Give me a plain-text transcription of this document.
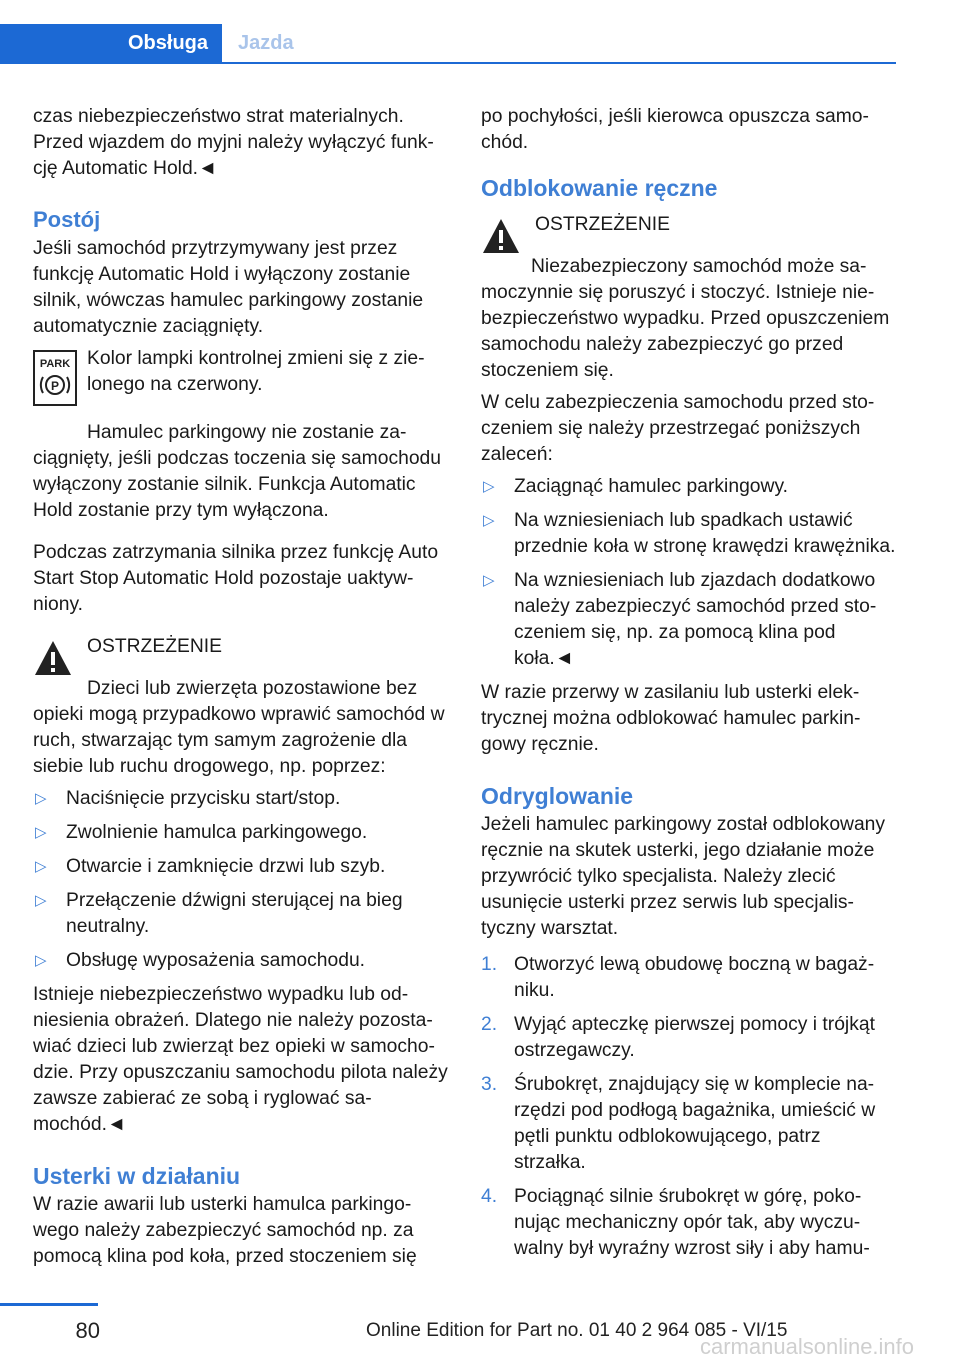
Obsługa	Jazda

czas niebezpieczeństwo strat materialnych. Przed wjazdem do myjni należy wyłączyć funkcję Automatic Hold.◄

Postój

Jeśli samochód przytrzymywany jest przez funkcję Automatic Hold i wyłączony zostanie silnik, wówczas hamulec parkingowy zostanie automatycznie zaciągnięty.

PARK
P
Kolor lampki kontrolnej zmieni się z zielonego na czerwony.

Hamulec parkingowy nie zostanie zaciągnięty, jeśli podczas toczenia się samochodu wyłączony zostanie silnik. Funkcja Automatic Hold zostanie przy tym wyłączona.

Podczas zatrzymania silnika przez funkcję Auto Start Stop Automatic Hold pozostaje uaktywniony.

OSTRZEŻENIE

Dzieci lub zwierzęta pozostawione bez opieki mogą przypadkowo wprawić samochód w ruch, stwarzając tym samym zagrożenie dla siebie lub ruchu drogowego, np. poprzez:

▷ Naciśnięcie przycisku start/stop.
▷ Zwolnienie hamulca parkingowego.
▷ Otwarcie i zamknięcie drzwi lub szyb.
▷ Przełączenie dźwigni sterującej na bieg neutralny.
▷ Obsługę wyposażenia samochodu.

Istnieje niebezpieczeństwo wypadku lub odniesienia obrażeń. Dlatego nie należy pozostawiać dzieci lub zwierząt bez opieki w samochodzie. Przy opuszczaniu samochodu pilota należy zawsze zabierać ze sobą i ryglować samochód.◄

Usterki w działaniu

W razie awarii lub usterki hamulca parkingowego należy zabezpieczyć samochód np. za pomocą klina pod koła, przed stoczeniem się

po pochyłości, jeśli kierowca opuszcza samochód.

Odblokowanie ręczne
OSTRZEŻENIE

Niezabezpieczony samochód może samoczynnie się poruszyć i stoczyć. Istnieje niebezpieczeństwo wypadku. Przed opuszczeniem samochodu należy zabezpieczyć go przed stoczeniem się.

W celu zabezpieczenia samochodu przed stoczeniem się należy przestrzegać poniższych zaleceń:

▷ Zaciągnąć hamulec parkingowy.
▷ Na wzniesieniach lub spadkach ustawić przednie koła w stronę krawędzi krawężnika.
▷ Na wzniesieniach lub zjazdach dodatkowo należy zabezpieczyć samochód przed stoczeniem się, np. za pomocą klina pod koła.◄

W razie przerwy w zasilaniu lub usterki elektrycznej można odblokować hamulec parkingowy ręcznie.

Odryglowanie

Jeżeli hamulec parkingowy został odblokowany ręcznie na skutek usterki, jego działanie może przywrócić tylko specjalista. Należy zlecić usunięcie usterki przez serwis lub specjalistyczny warsztat.

1. Otworzyć lewą obudowę boczną w bagażniku.
2. Wyjąć apteczkę pierwszej pomocy i trójkąt ostrzegawczy.
3. Śrubokręt, znajdujący się w komplecie narzędzi pod podłogą bagażnika, umieścić w pętli punktu odblokowującego, patrz strzałka.
4. Pociągnąć silnie śrubokręt w górę, pokonując mechaniczny opór tak, aby wyczuwalny był wyraźny wzrost siły i aby hamu-
80	Online Edition for Part no. 01 40 2 964 085 - VI/15
carmanualsonline.info
